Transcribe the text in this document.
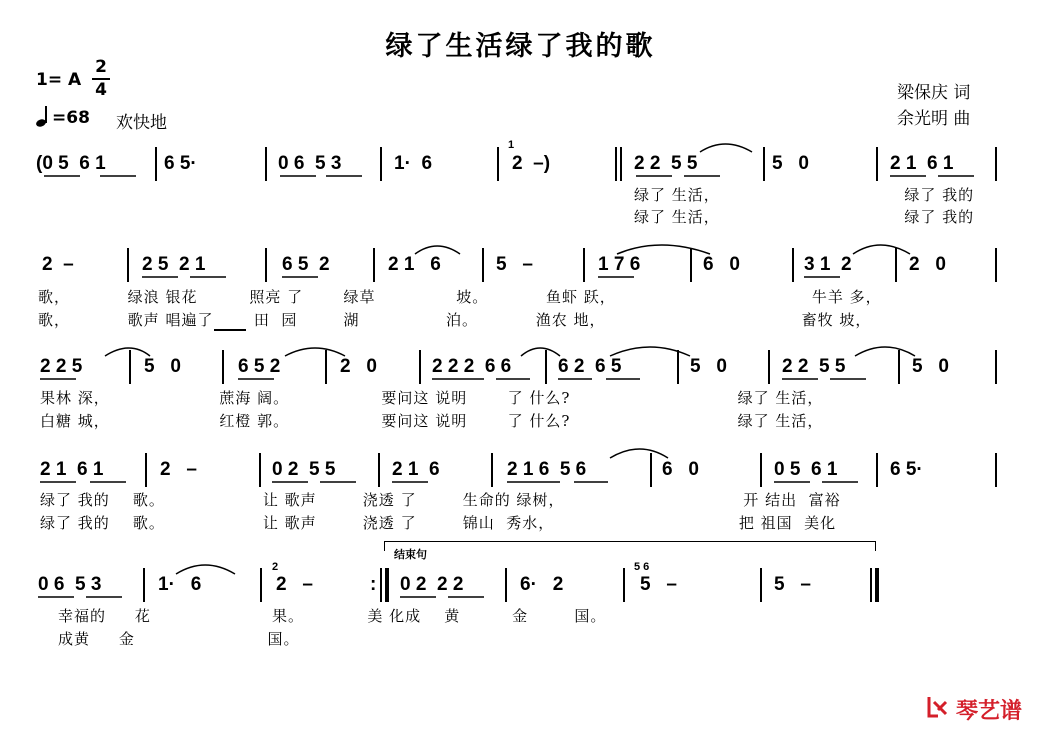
绿了生活绿了我的歌
1= A
2
4
=68 欢快地
梁保庆 词
余光明 曲
(0 5  6 1	6 5·	0 6  5 3	1·  6
1
2  –)	2 2  5 5	5   0	2 1  6 1
绿了 生活，                                绿了 我的
绿了 生活，                                绿了 我的
2  –	2 5  2 1	6 5  2	2 1   6	5   –	1 7 6	6   0	3 1  2	2   0
歌，          绿浪 银花         照亮 了       绿草              坡。          鱼虾 跃，                                  牛羊 多，
歌，          歌声 唱遍了       田  园        湖               泊。          渔农 地，                                  畜牧 坡，
2 2 5	5   0	6 5 2	2   0	2 2 2  6 6 6 2  6 5	5   0	2 2  5 5	5   0
果林 深，                   蔗海 阔。                要问这 说明       了 什么?                             绿了 生活，
白糖 城，                   红橙 郭。                要问这 说明       了 什么?                             绿了 生活，
2 1  6 1	2   –	0 2  5 5	2 1  6	2 1 6  5 6	6   0	0 5  6 1	6 5·
绿了 我的    歌。                 让 歌声        浇透 了        生命的 绿树，                               开 结出  富裕
绿了 我的    歌。                 让 歌声        浇透 了        锦山  秀水，                                把 祖国  美化
0 6  5 3	1·   6
2
2   –	:
结束句
0 2  2 2	6·   2
5 6
5   –	5   –
幸福的     花                     果。           美 化成    黄         金        国。
成黄     金                       国。
琴艺谱
